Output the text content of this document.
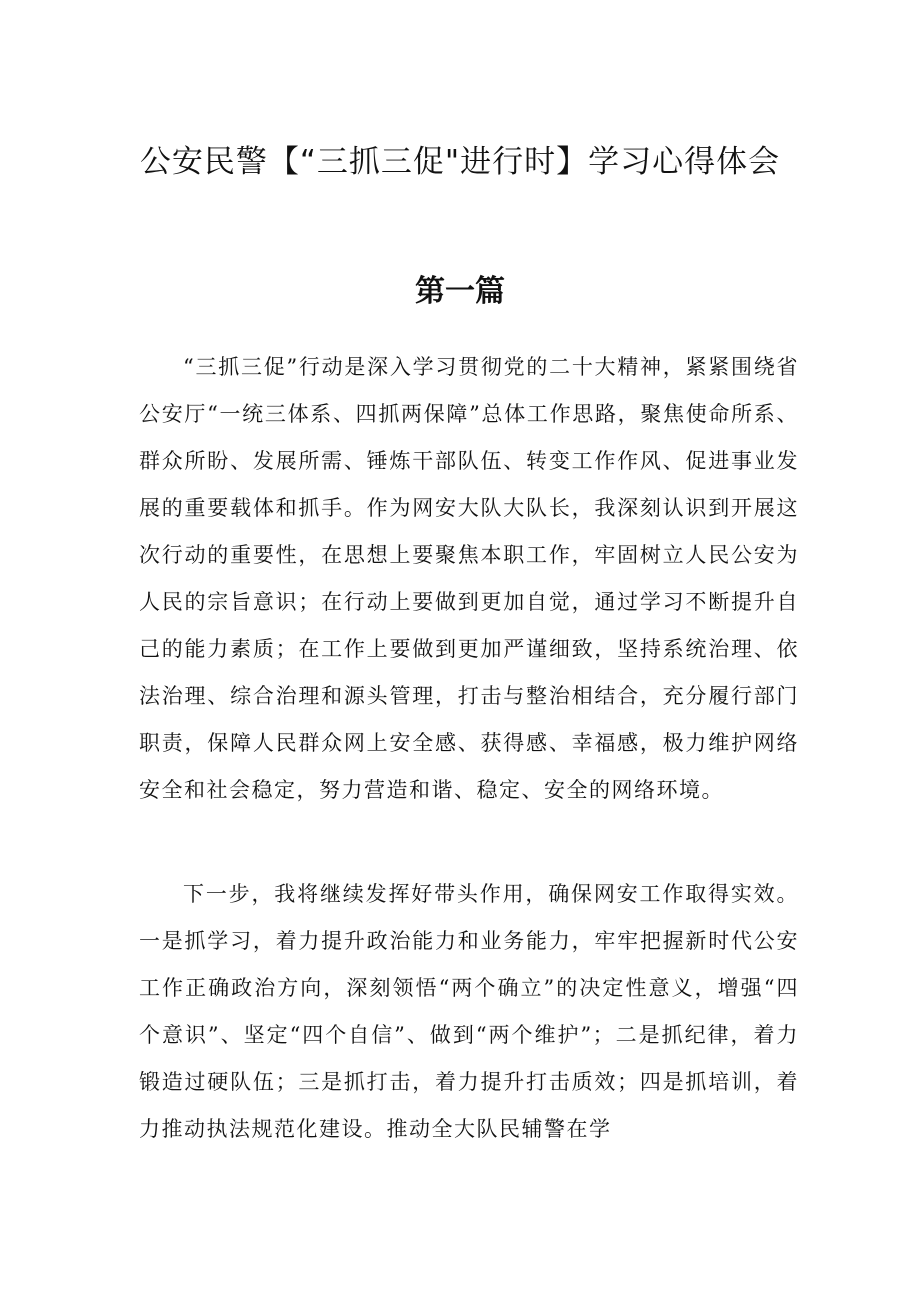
公安民警【“三抓三促"进行时】学习心得体会
第一篇

“三抓三促”行动是深入学习贯彻党的二十大精神，紧紧围绕省公安厅“一统三体系、四抓两保障”总体工作思路，聚焦使命所系、群众所盼、发展所需、锤炼干部队伍、转变工作作风、促进事业发展的重要载体和抓手。作为网安大队大队长，我深刻认识到开展这次行动的重要性，在思想上要聚焦本职工作，牢固树立人民公安为人民的宗旨意识；在行动上要做到更加自觉，通过学习不断提升自己的能力素质；在工作上要做到更加严谨细致，坚持系统治理、依法治理、综合治理和源头管理，打击与整治相结合，充分履行部门职责，保障人民群众网上安全感、获得感、幸福感，极力维护网络安全和社会稳定，努力营造和谐、稳定、安全的网络环境。

下一步，我将继续发挥好带头作用，确保网安工作取得实效。一是抓学习，着力提升政治能力和业务能力，牢牢把握新时代公安工作正确政治方向，深刻领悟“两个确立”的决定性意义，增强“四个意识”、坚定“四个自信”、做到“两个维护”；二是抓纪律，着力锻造过硬队伍；三是抓打击，着力提升打击质效；四是抓培训，着力推动执法规范化建设。推动全大队民辅警在学
